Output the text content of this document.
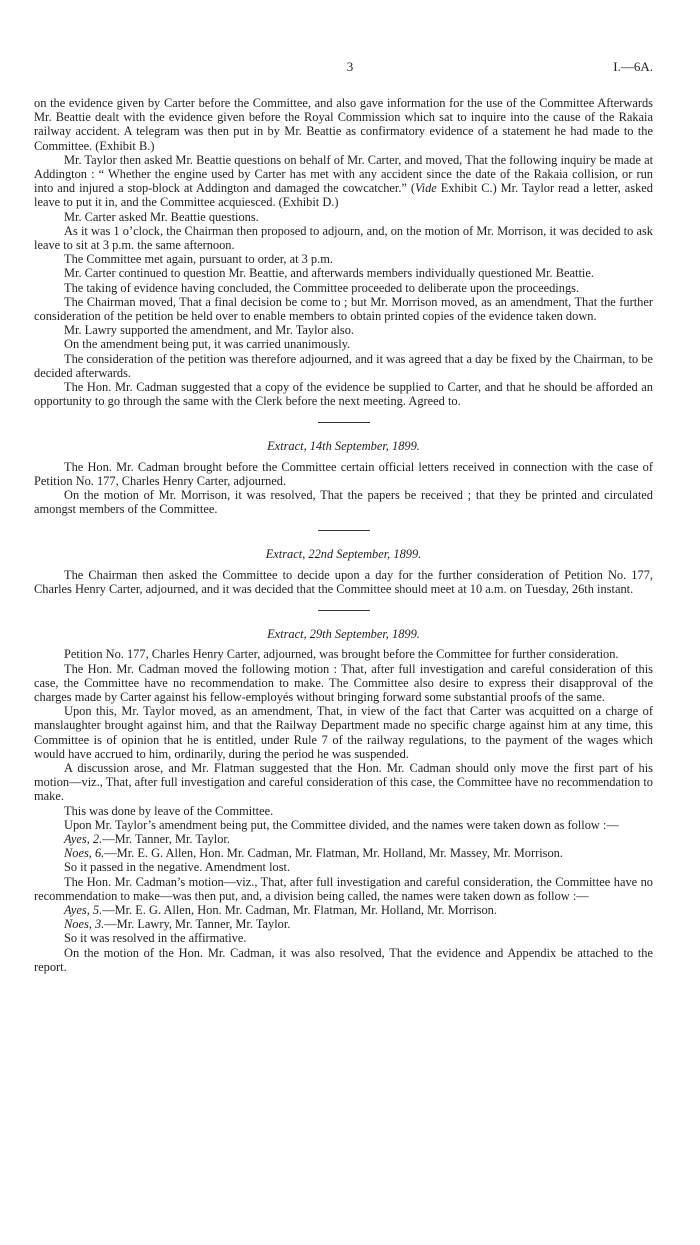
3	I.—6A.

on the evidence given by Carter before the Committee, and also gave information for the use of the Committee Afterwards Mr. Beattie dealt with the evidence given before the Royal Commission which sat to inquire into the cause of the Rakaia railway accident. A telegram was then put in by Mr. Beattie as confirmatory evidence of a statement he had made to the Committee. (Exhibit B.)

Mr. Taylor then asked Mr. Beattie questions on behalf of Mr. Carter, and moved, That the following inquiry be made at Addington : “ Whether the engine used by Carter has met with any accident since the date of the Rakaia collision, or run into and injured a stop-block at Addington and damaged the cowcatcher.” (Vide Exhibit C.) Mr. Taylor read a letter, asked leave to put it in, and the Committee acquiesced. (Exhibit D.)

Mr. Carter asked Mr. Beattie questions.

As it was 1 o’clock, the Chairman then proposed to adjourn, and, on the motion of Mr. Morrison, it was decided to ask leave to sit at 3 p.m. the same afternoon.

The Committee met again, pursuant to order, at 3 p.m.

Mr. Carter continued to question Mr. Beattie, and afterwards members individually questioned Mr. Beattie.

The taking of evidence having concluded, the Committee proceeded to deliberate upon the proceedings.

The Chairman moved, That a final decision be come to ; but Mr. Morrison moved, as an amendment, That the further consideration of the petition be held over to enable members to obtain printed copies of the evidence taken down.

Mr. Lawry supported the amendment, and Mr. Taylor also.

On the amendment being put, it was carried unanimously.

The consideration of the petition was therefore adjourned, and it was agreed that a day be fixed by the Chairman, to be decided afterwards.

The Hon. Mr. Cadman suggested that a copy of the evidence be supplied to Carter, and that he should be afforded an opportunity to go through the same with the Clerk before the next meeting. Agreed to.

Extract, 14th September, 1899.

The Hon. Mr. Cadman brought before the Committee certain official letters received in connection with the case of Petition No. 177, Charles Henry Carter, adjourned.

On the motion of Mr. Morrison, it was resolved, That the papers be received ; that they be printed and circulated amongst members of the Committee.

Extract, 22nd September, 1899.

The Chairman then asked the Committee to decide upon a day for the further consideration of Petition No. 177, Charles Henry Carter, adjourned, and it was decided that the Committee should meet at 10 a.m. on Tuesday, 26th instant.

Extract, 29th September, 1899.

Petition No. 177, Charles Henry Carter, adjourned, was brought before the Committee for further consideration.

The Hon. Mr. Cadman moved the following motion : That, after full investigation and careful consideration of this case, the Committee have no recommendation to make. The Committee also desire to express their disapproval of the charges made by Carter against his fellow-employés without bringing forward some substantial proofs of the same.

Upon this, Mr. Taylor moved, as an amendment, That, in view of the fact that Carter was acquitted on a charge of manslaughter brought against him, and that the Railway Department made no specific charge against him at any time, this Committee is of opinion that he is entitled, under Rule 7 of the railway regulations, to the payment of the wages which would have accrued to him, ordinarily, during the period he was suspended.

A discussion arose, and Mr. Flatman suggested that the Hon. Mr. Cadman should only move the first part of his motion—viz., That, after full investigation and careful consideration of this case, the Committee have no recommendation to make.

This was done by leave of the Committee.

Upon Mr. Taylor’s amendment being put, the Committee divided, and the names were taken down as follow :—

Ayes, 2.—Mr. Tanner, Mr. Taylor.

Noes, 6.—Mr. E. G. Allen, Hon. Mr. Cadman, Mr. Flatman, Mr. Holland, Mr. Massey, Mr. Morrison.

So it passed in the negative. Amendment lost.

The Hon. Mr. Cadman’s motion—viz., That, after full investigation and careful consideration, the Committee have no recommendation to make—was then put, and, a division being called, the names were taken down as follow :—

Ayes, 5.—Mr. E. G. Allen, Hon. Mr. Cadman, Mr. Flatman, Mr. Holland, Mr. Morrison.

Noes, 3.—Mr. Lawry, Mr. Tanner, Mr. Taylor.

So it was resolved in the affirmative.

On the motion of the Hon. Mr. Cadman, it was also resolved, That the evidence and Appendix be attached to the report.
